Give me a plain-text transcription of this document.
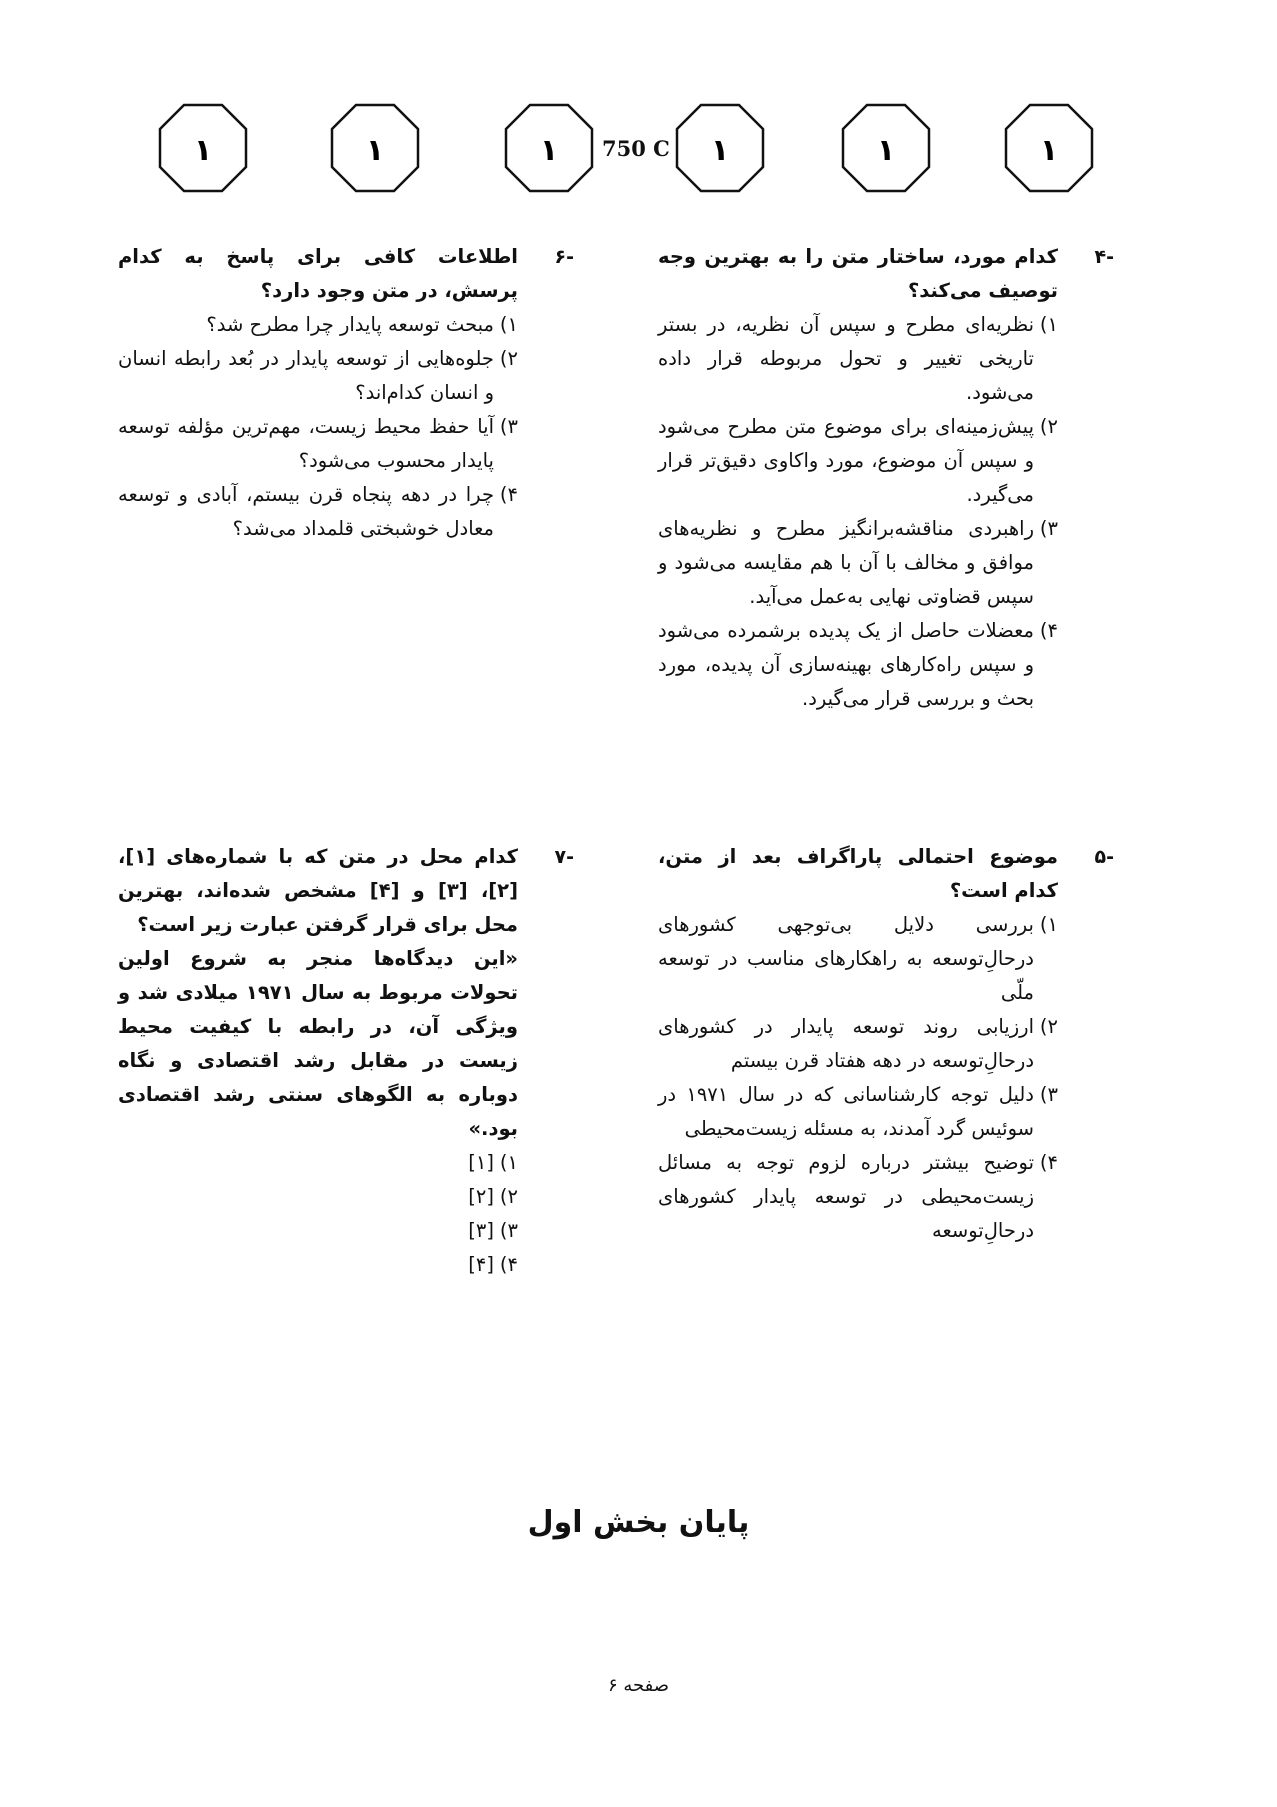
۱	۱	۱ 750 C ۱	۱	۱
-۴

کدام مورد، ساختار متن را به بهترین وجه توصیف می‌کند؟

۱)
نظریه‌ای مطرح و سپس آن نظریه، در بستر تاریخی تغییر و تحول مربوطه قرار داده می‌شود.
۲)
پیش‌زمینه‌ای برای موضوع متن مطرح می‌شود و سپس آن موضوع، مورد واکاوی دقیق‌تر قرار می‌گیرد.
۳)
راهبردی مناقشه‌برانگیز مطرح و نظریه‌های موافق و مخالف با آن با هم مقایسه می‌شود و سپس قضاوتی نهایی به‌عمل می‌آید.
۴)
معضلات حاصل از یک پدیده برشمرده می‌شود و سپس راه‌کارهای بهینه‌سازی آن پدیده، مورد بحث و بررسی قرار می‌گیرد.
-۶

اطلاعات کافی برای پاسخ به کدام پرسش، در متن وجود دارد؟

۱)
مبحث توسعه پایدار چرا مطرح شد؟
۲)
جلوه‌هایی از توسعه پایدار در بُعد رابطه انسان و انسان کدام‌اند؟
۳)
آیا حفظ محیط زیست، مهم‌ترین مؤلفه توسعه پایدار محسوب می‌شود؟
۴)
چرا در دهه پنجاه قرن بیستم، آبادی و توسعه معادل خوشبختی قلمداد می‌شد؟
-۵

موضوع احتمالی پاراگراف بعد از متن، کدام است؟

۱)
بررسی دلایل بی‌توجهی کشورهای درحالِ‌توسعه به راهکارهای مناسب در توسعه ملّی
۲)
ارزیابی روند توسعه پایدار در کشورهای درحالِ‌توسعه در دهه هفتاد قرن بیستم
۳)
دلیل توجه کارشناسانی که در سال ۱۹۷۱ در سوئیس گرد آمدند، به مسئله زیست‌محیطی
۴)
توضیح بیشتر درباره لزوم توجه به مسائل زیست‌محیطی در توسعه پایدار کشورهای درحالِ‌توسعه
-۷

کدام محل در متن که با شماره‌های [۱]، [۲]، [۳] و [۴] مشخص شده‌اند، بهترین محل برای قرار گرفتن عبارت زیر است؟

«این دیدگاه‌ها منجر به شروع اولین تحولات مربوط به سال ۱۹۷۱ میلادی شد و ویژگی آن، در رابطه با کیفیت محیط زیست در مقابل رشد اقتصادی و نگاه دوباره به الگوهای سنتی رشد اقتصادی بود.»

۱)
[۱]
۲)
[۲]
۳)
[۳]
۴)
[۴]
پایان بخش اول
صفحه ۶
